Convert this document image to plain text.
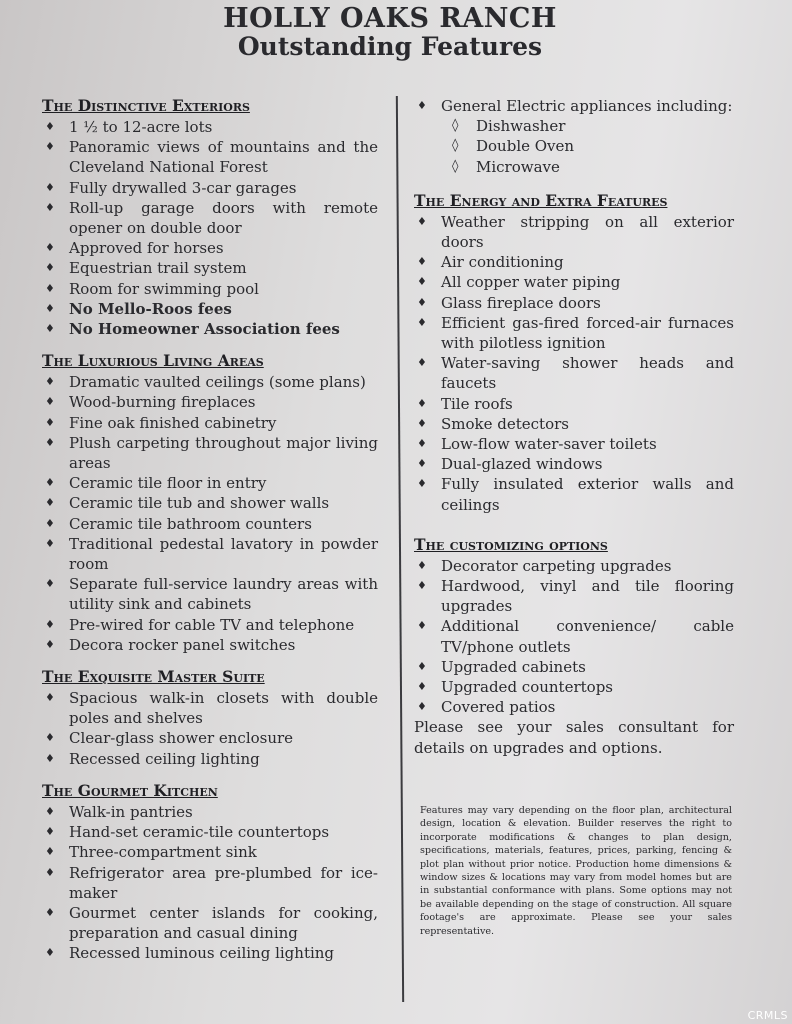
HOLLY OAKS RANCH
Outstanding Features
The Distinctive Exteriors
♦ 1 ½ to 12-acre lots
♦ Panoramic views of mountains and the Cleveland National Forest
♦ Fully drywalled 3-car garages
♦ Roll-up garage doors with remote opener on double door
♦ Approved for horses
♦ Equestrian trail system
♦ Room for swimming pool
♦ No Mello-Roos fees
♦ No Homeowner Association fees
The Luxurious Living Areas
♦ Dramatic vaulted ceilings (some plans)
♦ Wood-burning fireplaces
♦ Fine oak finished cabinetry
♦ Plush carpeting throughout major living areas
♦ Ceramic tile floor in entry
♦ Ceramic tile tub and shower walls
♦ Ceramic tile bathroom counters
♦ Traditional pedestal lavatory in powder room
♦ Separate full-service laundry areas with utility sink and cabinets
♦ Pre-wired for cable TV and telephone
♦ Decora rocker panel switches
The Exquisite Master Suite
♦ Spacious walk-in closets with double poles and shelves
♦ Clear-glass shower enclosure
♦ Recessed ceiling lighting
The Gourmet Kitchen
♦ Walk-in pantries
♦ Hand-set ceramic-tile countertops
♦ Three-compartment sink
♦ Refrigerator area pre-plumbed for ice-maker
♦ Gourmet center islands for cooking, preparation and casual dining
♦ Recessed luminous ceiling lighting
♦ General Electric appliances including:
◊ Dishwasher
◊ Double Oven
◊ Microwave
The Energy and Extra Features
♦ Weather stripping on all exterior doors
♦ Air conditioning
♦ All copper water piping
♦ Glass fireplace doors
♦ Efficient gas-fired forced-air furnaces with pilotless ignition
♦ Water-saving shower heads and faucets
♦ Tile roofs
♦ Smoke detectors
♦ Low-flow water-saver toilets
♦ Dual-glazed windows
♦ Fully insulated exterior walls and ceilings
The customizing options
♦ Decorator carpeting upgrades
♦ Hardwood, vinyl and tile flooring upgrades
♦ Additional convenience/ cable TV/phone outlets
♦ Upgraded cabinets
♦ Upgraded countertops
♦ Covered patios
Please see your sales consultant for details on upgrades and options.
Features may vary depending on the floor plan, architectural design, location & elevation. Builder reserves the right to incorporate modifications & changes to plan design, specifications, materials, features, prices, parking, fencing & plot plan without prior notice. Production home dimensions & window sizes & locations may vary from model homes but are in substantial conformance with plans. Some options may not be available depending on the stage of construction. All square footage's are approximate. Please see your sales representative.
CRMLS
